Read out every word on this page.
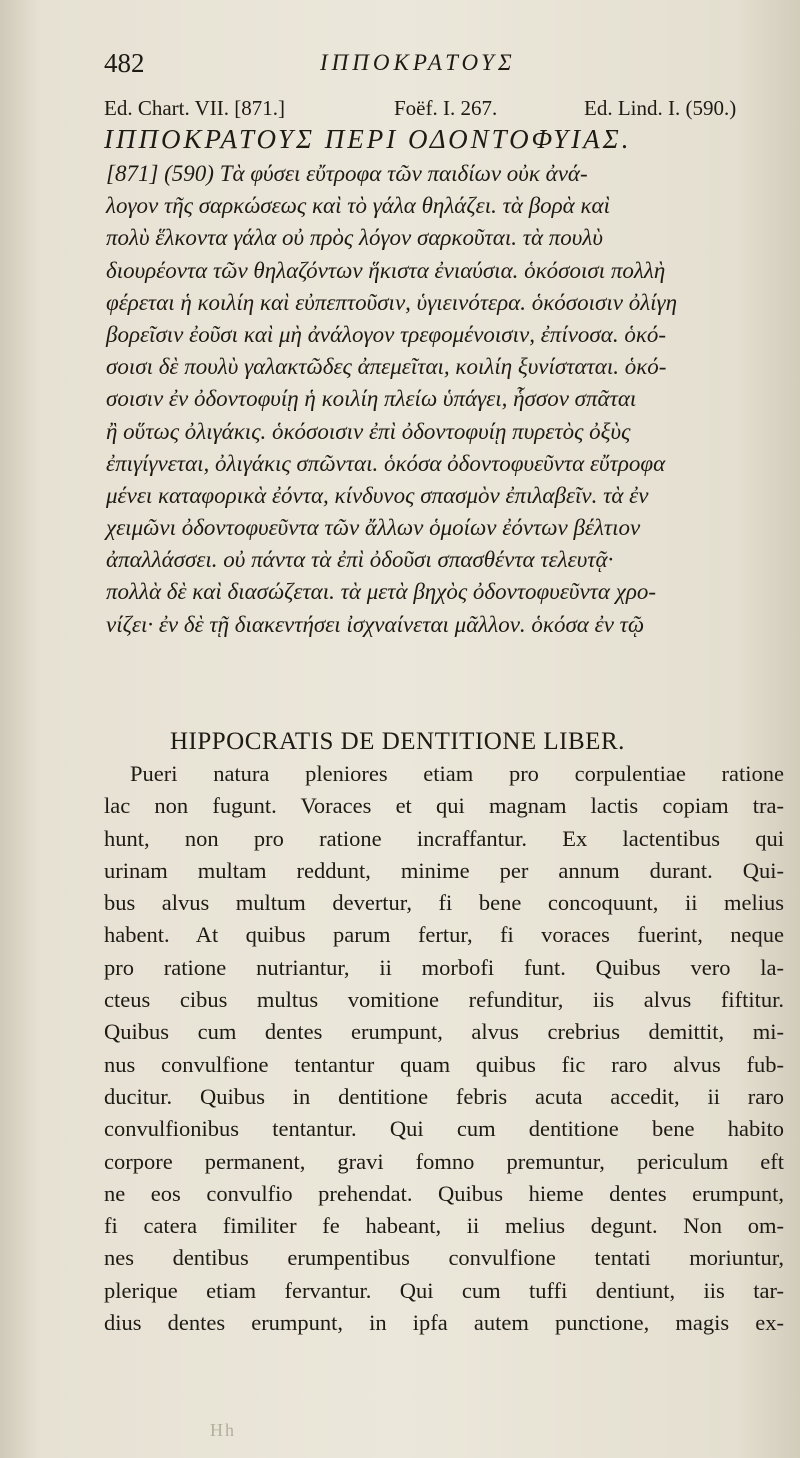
482	ΙΠΠΟΚΡΑΤΟΥΣ
Ed. Chart. VII. [871.]	Foëf. I. 267.	Ed. Lind. I. (590.)
ΙΠΠΟΚΡΑΤΟΥΣ ΠΕΡΙ ΟΔΟΝΤΟΦΥΙΑΣ.
[871] (590) Τὰ φύσει εὔτροφα τῶν παιδίων οὐκ ἀνά-
λογον τῆς σαρκώσεως καὶ τὸ γάλα θηλάζει. τὰ βορὰ καὶ
πολὺ ἕλκοντα γάλα οὐ πρὸς λόγον σαρκοῦται. τὰ πουλὺ
διουρέοντα τῶν θηλαζόντων ἥκιστα ἐνιαύσια. ὁκόσοισι πολλὴ
φέρεται ἡ κοιλίη καὶ εὐπεπτοῦσιν, ὑγιεινότερα. ὁκόσοισιν ὀλίγη
βορεῖσιν ἐοῦσι καὶ μὴ ἀνάλογον τρεφομένοισιν, ἐπίνοσα. ὁκό-
σοισι δὲ πουλὺ γαλακτῶδες ἀπεμεῖται, κοιλίη ξυνίσταται. ὁκό-
σοισιν ἐν ὀδοντοφυίῃ ἡ κοιλίη πλείω ὑπάγει, ἧσσον σπᾶται
ἢ οὕτως ὀλιγάκις. ὁκόσοισιν ἐπὶ ὀδοντοφυίῃ πυρετὸς ὀξὺς
ἐπιγίγνεται, ὀλιγάκις σπῶνται. ὁκόσα ὀδοντοφυεῦντα εὔτροφα
μένει καταφορικὰ ἐόντα, κίνδυνος σπασμὸν ἐπιλαβεῖν. τὰ ἐν
χειμῶνι ὀδοντοφυεῦντα τῶν ἄλλων ὁμοίων ἐόντων βέλτιον
ἀπαλλάσσει. οὐ πάντα τὰ ἐπὶ ὀδοῦσι σπασθέντα τελευτᾷ·
πολλὰ δὲ καὶ διασώζεται. τὰ μετὰ βηχὸς ὀδοντοφυεῦντα χρο-
νίζει· ἐν δὲ τῇ διακεντήσει ἰσχναίνεται μᾶλλον. ὁκόσα ἐν τῷ
HIPPOCRATIS DE DENTITIONE LIBER.
Pueri natura pleniores etiam pro corpulentiae ratione
lac non fugunt. Voraces et qui magnam lactis copiam tra-
hunt, non pro ratione incraffantur. Ex lactentibus qui
urinam multam reddunt, minime per annum durant. Qui-
bus alvus multum devertur, fi bene concoquunt, ii melius
habent. At quibus parum fertur, fi voraces fuerint, neque
pro ratione nutriantur, ii morbofi funt. Quibus vero la-
cteus cibus multus vomitione refunditur, iis alvus fiftitur.
Quibus cum dentes erumpunt, alvus crebrius demittit, mi-
nus convulfione tentantur quam quibus fic raro alvus fub-
ducitur. Quibus in dentitione febris acuta accedit, ii raro
convulfionibus tentantur. Qui cum dentitione bene habito
corpore permanent, gravi fomno premuntur, periculum eft
ne eos convulfio prehendat. Quibus hieme dentes erumpunt,
fi catera fimiliter fe habeant, ii melius degunt. Non om-
nes dentibus erumpentibus convulfione tentati moriuntur,
plerique etiam fervantur. Qui cum tuffi dentiunt, iis tar-
dius dentes erumpunt, in ipfa autem punctione, magis ex-
Hh
